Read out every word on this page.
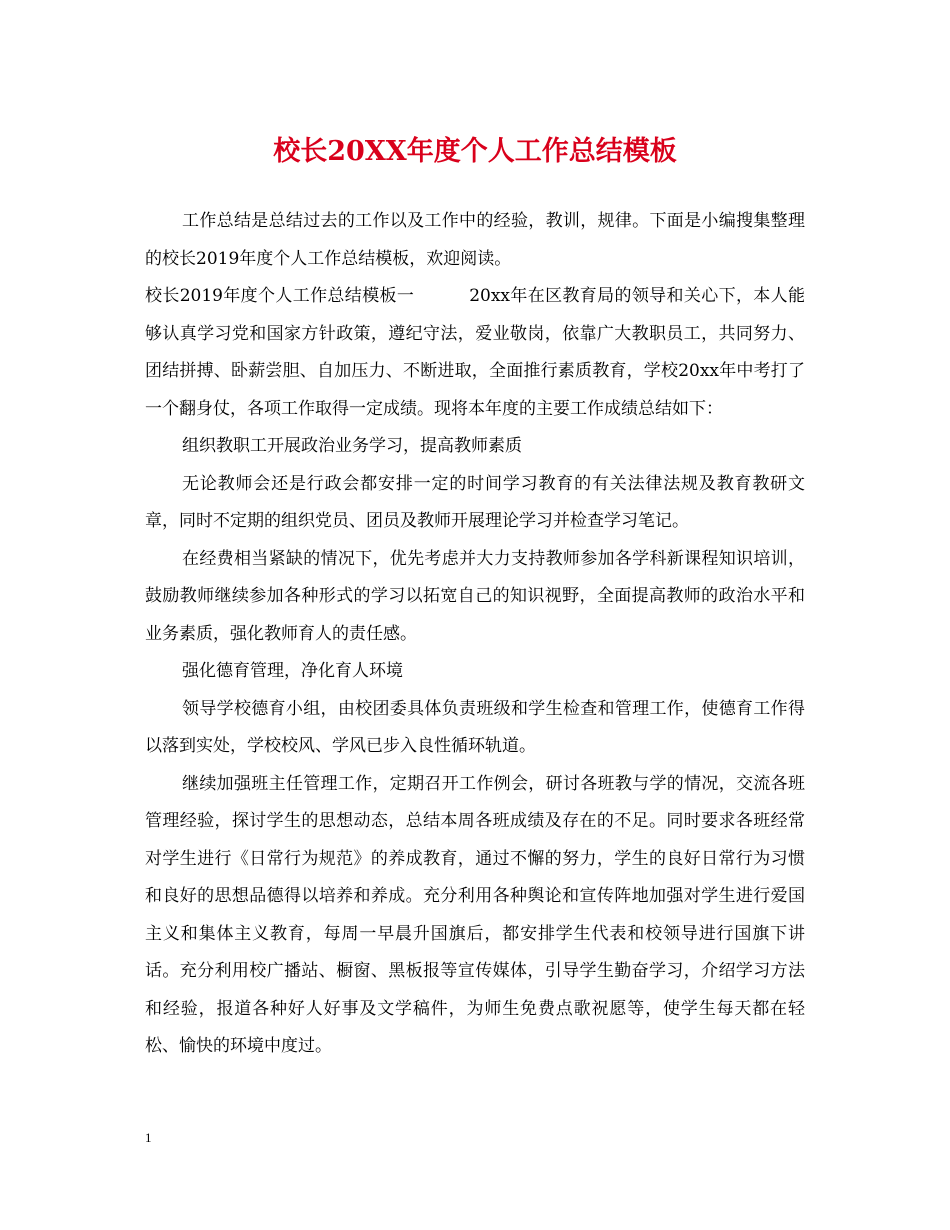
校长20XX年度个人工作总结模板

工作总结是总结过去的工作以及工作中的经验，教训，规律。下面是小编搜集整理的校长2019年度个人工作总结模板，欢迎阅读。

校长2019年度个人工作总结模板一	20xx年在区教育局的领导和关心下，本人能够认真学习党和国家方针政策，遵纪守法，爱业敬岗，依靠广大教职员工，共同努力、团结拼搏、卧薪尝胆、自加压力、不断进取，全面推行素质教育，学校20xx年中考打了一个翻身仗，各项工作取得一定成绩。现将本年度的主要工作成绩总结如下：

组织教职工开展政治业务学习，提高教师素质

无论教师会还是行政会都安排一定的时间学习教育的有关法律法规及教育教研文章，同时不定期的组织党员、团员及教师开展理论学习并检查学习笔记。

在经费相当紧缺的情况下，优先考虑并大力支持教师参加各学科新课程知识培训，鼓励教师继续参加各种形式的学习以拓宽自己的知识视野，全面提高教师的政治水平和业务素质，强化教师育人的责任感。

强化德育管理，净化育人环境

领导学校德育小组，由校团委具体负责班级和学生检查和管理工作，使德育工作得以落到实处，学校校风、学风已步入良性循环轨道。

继续加强班主任管理工作，定期召开工作例会，研讨各班教与学的情况，交流各班管理经验，探讨学生的思想动态，总结本周各班成绩及存在的不足。同时要求各班经常对学生进行《日常行为规范》的养成教育，通过不懈的努力，学生的良好日常行为习惯和良好的思想品德得以培养和养成。充分利用各种舆论和宣传阵地加强对学生进行爱国主义和集体主义教育，每周一早晨升国旗后，都安排学生代表和校领导进行国旗下讲话。充分利用校广播站、橱窗、黑板报等宣传媒体，引导学生勤奋学习，介绍学习方法和经验，报道各种好人好事及文学稿件，为师生免费点歌祝愿等，使学生每天都在轻松、愉快的环境中度过。

1
